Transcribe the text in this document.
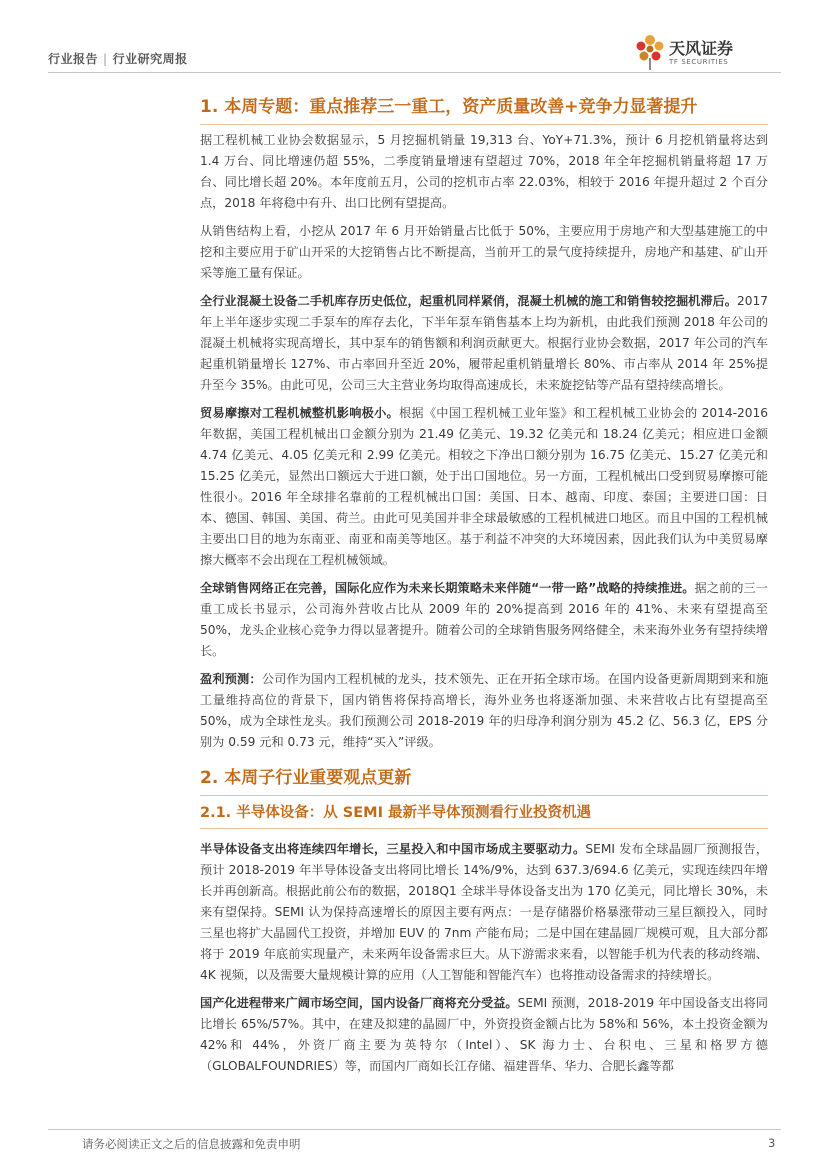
行业报告 | 行业研究周报
天风证券
TF SECURITIES
1. 本周专题：重点推荐三一重工，资产质量改善+竞争力显著提升

据工程机械工业协会数据显示，5 月挖掘机销量 19,313 台、YoY+71.3%，预计 6 月挖机销量将达到 1.4 万台、同比增速仍超 55%，二季度销量增速有望超过 70%，2018 年全年挖掘机销量将超 17 万台、同比增长超 20%。本年度前五月，公司的挖机市占率 22.03%，相较于 2016 年提升超过 2 个百分点，2018 年将稳中有升、出口比例有望提高。

从销售结构上看，小挖从 2017 年 6 月开始销量占比低于 50%，主要应用于房地产和大型基建施工的中挖和主要应用于矿山开采的大挖销售占比不断提高，当前开工的景气度持续提升，房地产和基建、矿山开采等施工量有保证。

全行业混凝土设备二手机库存历史低位，起重机同样紧俏，混凝土机械的施工和销售较挖掘机滞后。2017 年上半年逐步实现二手泵车的库存去化，下半年泵车销售基本上均为新机，由此我们预测 2018 年公司的混凝土机械将实现高增长，其中泵车的销售额和利润贡献更大。根据行业协会数据，2017 年公司的汽车起重机销量增长 127%、市占率回升至近 20%，履带起重机销量增长 80%、市占率从 2014 年 25%提升至今 35%。由此可见，公司三大主营业务均取得高速成长，未来旋挖钻等产品有望持续高增长。

贸易摩擦对工程机械整机影响极小。根据《中国工程机械工业年鉴》和工程机械工业协会的 2014-2016 年数据，美国工程机械出口金额分别为 21.49 亿美元、19.32 亿美元和 18.24 亿美元；相应进口金额 4.74 亿美元、4.05 亿美元和 2.99 亿美元。相较之下净出口额分别为 16.75 亿美元、15.27 亿美元和 15.25 亿美元，显然出口额远大于进口额，处于出口国地位。另一方面，工程机械出口受到贸易摩擦可能性很小。2016 年全球排名靠前的工程机械出口国：美国、日本、越南、印度、泰国；主要进口国：日本、德国、韩国、美国、荷兰。由此可见美国并非全球最敏感的工程机械进口地区。而且中国的工程机械主要出口目的地为东南亚、南亚和南美等地区。基于利益不冲突的大环境因素，因此我们认为中美贸易摩擦大概率不会出现在工程机械领域。

全球销售网络正在完善，国际化应作为未来长期策略未来伴随“一带一路”战略的持续推进。据之前的三一重工成长书显示，公司海外营收占比从 2009 年的 20%提高到 2016 年的 41%、未来有望提高至 50%，龙头企业核心竞争力得以显著提升。随着公司的全球销售服务网络健全，未来海外业务有望持续增长。

盈利预测：公司作为国内工程机械的龙头，技术领先、正在开拓全球市场。在国内设备更新周期到来和施工量维持高位的背景下，国内销售将保持高增长，海外业务也将逐渐加强、未来营收占比有望提高至 50%，成为全球性龙头。我们预测公司 2018-2019 年的归母净利润分别为 45.2 亿、56.3 亿，EPS 分别为 0.59 元和 0.73 元，维持“买入”评级。

2. 本周子行业重要观点更新
2.1. 半导体设备：从 SEMI 最新半导体预测看行业投资机遇

半导体设备支出将连续四年增长，三星投入和中国市场成主要驱动力。SEMI 发布全球晶圆厂预测报告，预计 2018-2019 年半导体设备支出将同比增长 14%/9%，达到 637.3/694.6 亿美元，实现连续四年增长并再创新高。根据此前公布的数据，2018Q1 全球半导体设备支出为 170 亿美元，同比增长 30%，未来有望保持。SEMI 认为保持高速增长的原因主要有两点：一是存储器价格暴涨带动三星巨额投入，同时三星也将扩大晶圆代工投资，并增加 EUV 的 7nm 产能布局；二是中国在建晶圆厂规模可观，且大部分都将于 2019 年底前实现量产，未来两年设备需求巨大。从下游需求来看，以智能手机为代表的移动终端、4K 视频，以及需要大量规模计算的应用（人工智能和智能汽车）也将推动设备需求的持续增长。

国产化进程带来广阔市场空间，国内设备厂商将充分受益。SEMI 预测，2018-2019 年中国设备支出将同比增长 65%/57%。其中，在建及拟建的晶圆厂中，外资投资金额占比为 58%和 56%，本土投资金额为 42%和 44%，外资厂商主要为英特尔（Intel）、SK 海力士、台积电、三星和格罗方德（GLOBALFOUNDRIES）等，而国内厂商如长江存储、福建晋华、华力、合肥长鑫等都

请务必阅读正文之后的信息披露和免责申明	3
